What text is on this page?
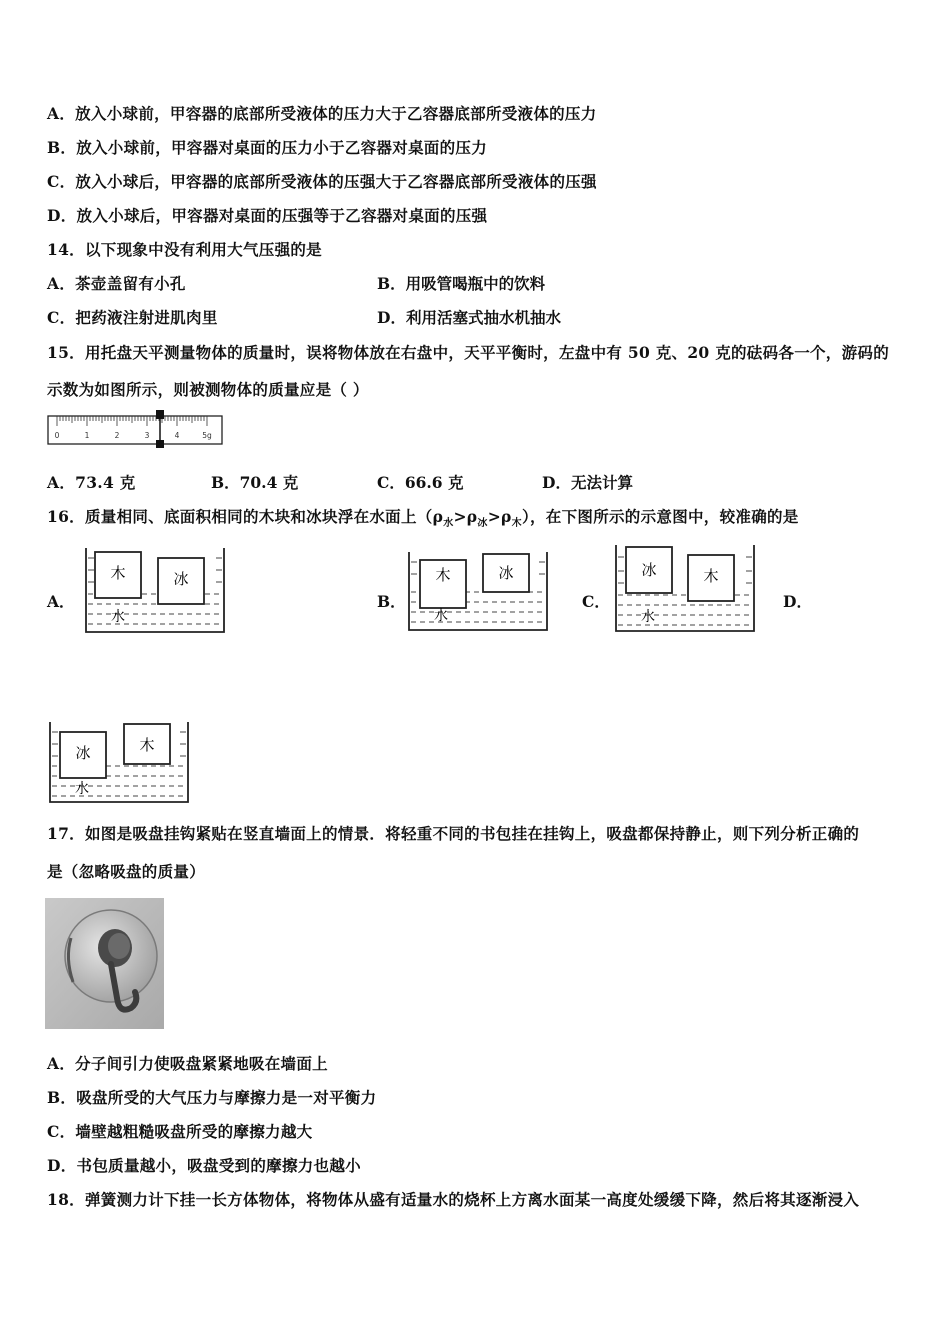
A．放入小球前，甲容器的底部所受液体的压力大于乙容器底部所受液体的压力
B．放入小球前，甲容器对桌面的压力小于乙容器对桌面的压力
C．放入小球后，甲容器的底部所受液体的压强大于乙容器底部所受液体的压强
D．放入小球后，甲容器对桌面的压强等于乙容器对桌面的压强
14．以下现象中没有利用大气压强的是
A．茶壶盖留有小孔	B．用吸管喝瓶中的饮料
C．把药液注射进肌肉里	D．利用活塞式抽水机抽水
15．用托盘天平测量物体的质量时，误将物体放在右盘中，天平平衡时，左盘中有 50 克、20 克的砝码各一个，游码的
示数为如图所示，则被测物体的质量应是（ ）
0	1	2	3	4	5g
A．73.4 克	B．70.4 克	C．66.6 克	D．无法计算
16．质量相同、底面积相同的木块和冰块浮在水面上$(\rho_水>\rho_冰>\rho_木)$，在下图所示的示意图中，较准确的是
A．
木	冰
水
B．
木	冰
水
C．
冰	木
水
D．
冰	木
水
17．如图是吸盘挂钩紧贴在竖直墙面上的情景．将轻重不同的书包挂在挂钩上，吸盘都保持静止，则下列分析正确的
是（忽略吸盘的质量）
A．分子间引力使吸盘紧紧地吸在墙面上
B．吸盘所受的大气压力与摩擦力是一对平衡力
C．墙壁越粗糙吸盘所受的摩擦力越大
D．书包质量越小，吸盘受到的摩擦力也越小
18．弹簧测力计下挂一长方体物体，将物体从盛有适量水的烧杯上方离水面某一高度处缓缓下降，然后将其逐渐浸入
